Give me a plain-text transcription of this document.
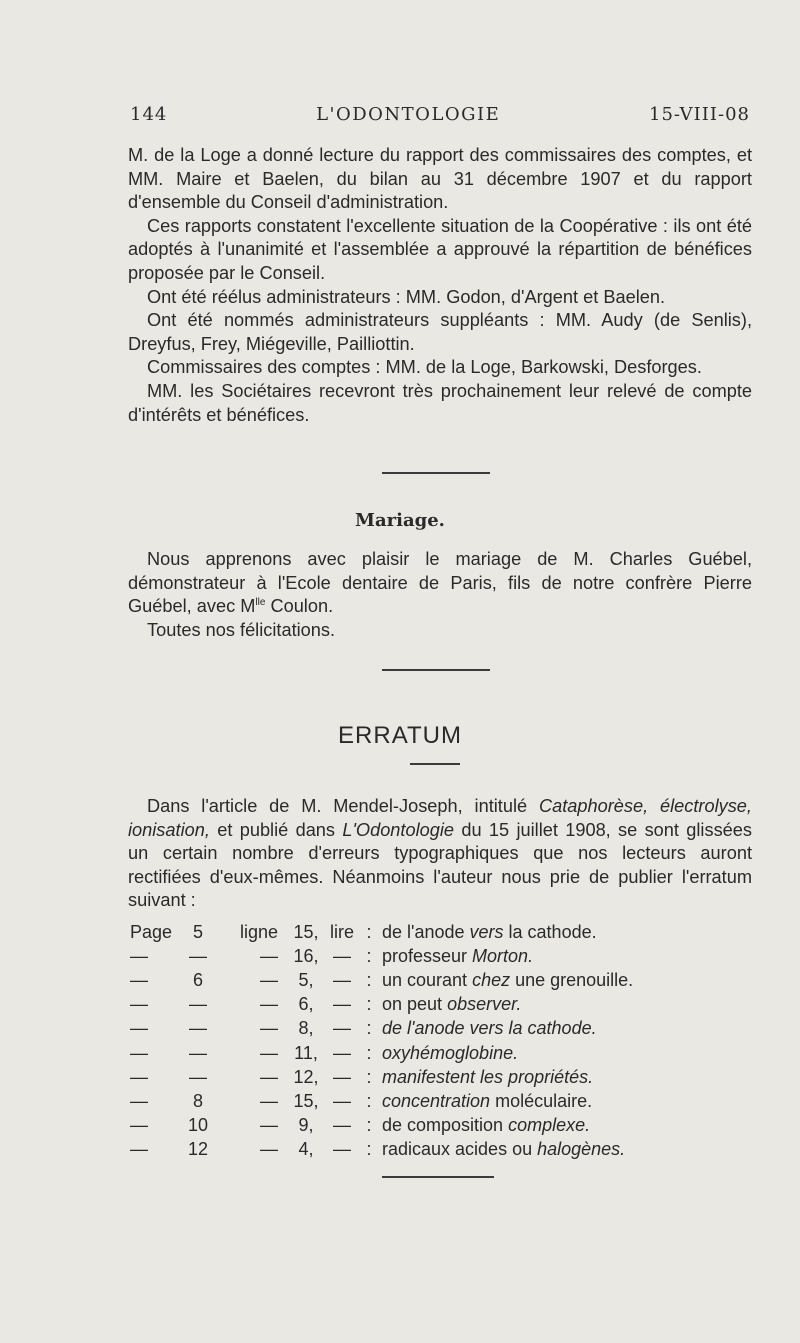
144	L'ODONTOLOGIE	15-VIII-08

M. de la Loge a donné lecture du rapport des commissaires des comptes, et MM. Maire et Baelen, du bilan au 31 décembre 1907 et du rapport d'ensemble du Conseil d'administration.

Ces rapports constatent l'excellente situation de la Coopérative : ils ont été adoptés à l'unanimité et l'assemblée a approuvé la répartition de bénéfices proposée par le Conseil.

Ont été réélus administrateurs : MM. Godon, d'Argent et Baelen.

Ont été nommés administrateurs suppléants : MM. Audy (de Senlis), Dreyfus, Frey, Miégeville, Pailliottin.

Commissaires des comptes : MM. de la Loge, Barkowski, Desforges.

MM. les Sociétaires recevront très prochainement leur relevé de compte d'intérêts et bénéfices.

Mariage.

Nous apprenons avec plaisir le mariage de M. Charles Guébel, démonstrateur à l'Ecole dentaire de Paris, fils de notre confrère Pierre Guébel, avec $M^{lle}$ Coulon.

Toutes nos félicitations.

ERRATUM

Dans l'article de M. Mendel-Joseph, intitulé Cataphorèse, électrolyse, ionisation, et publié dans L'Odontologie du 15 juillet 1908, se sont glissées un certain nombre d'erreurs typographiques que nos lecteurs auront rectifiées d'eux-mêmes. Néanmoins l'auteur nous prie de publier l'erratum suivant :

Page	5	ligne	15,	lire	:	de l'anode vers la cathode.
—	—	—	16,	—	:	professeur Morton.
—	6	—	5,	—	:	un courant chez une grenouille.
—	—	—	6,	—	:	on peut observer.
—	—	—	8,	—	:	de l'anode vers la cathode.
—	—	—	11,	—	:	oxyhémoglobine.
—	—	—	12,	—	:	manifestent les propriétés.
—	8	—	15,	—	:	concentration moléculaire.
—	10	—	9,	—	:	de composition complexe.
—	12	—	4,	—	:	radicaux acides ou halogènes.
